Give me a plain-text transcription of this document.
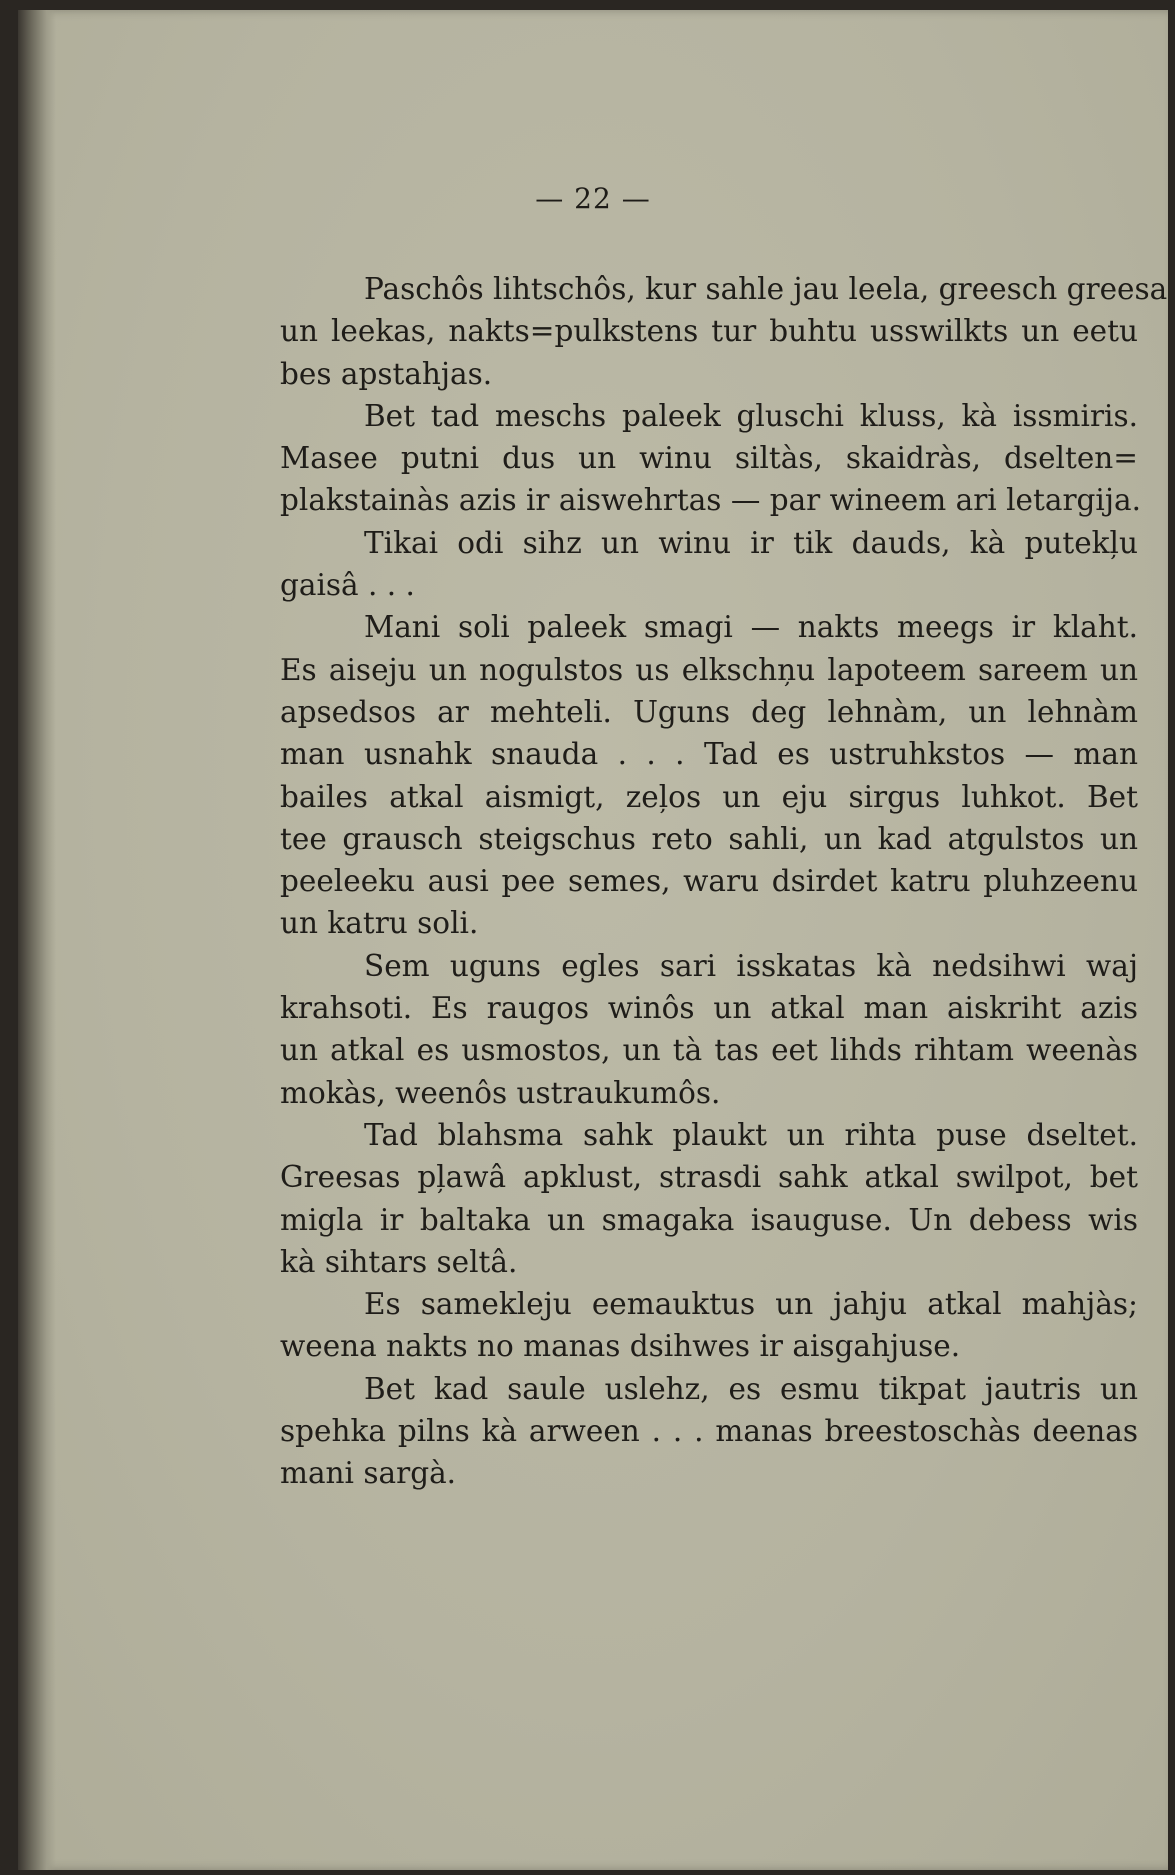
— 22 —

Paschôs lihtschôs, kur sahle jau leela, greesch greesa
un leekas, nakts=pulkstens tur buhtu usswilkts un eetu
bes apstahjas.

Bet tad meschs paleek gluschi kluss, kà issmiris.
Masee putni dus un winu siltàs, skaidràs, dselten=
plakstainàs azis ir aiswehrtas — par wineem ari letargija.

Tikai odi sihz un winu ir tik dauds, kà putekļu
gaisâ . . .

Mani soli paleek smagi — nakts meegs ir klaht.
Es aiseju un nogulstos us elkschņu lapoteem sareem un
apsedsos ar mehteli. Uguns deg lehnàm, un lehnàm
man usnahk snauda . . . Tad es ustruhkstos — man
bailes atkal aismigt, zeļos un eju sirgus luhkot. Bet
tee grausch steigschus reto sahli, un kad atgulstos un
peeleeku ausi pee semes, waru dsirdet katru pluhzeenu
un katru soli.

Sem uguns egles sari isskatas kà nedsihwi waj
krahsoti. Es raugos winôs un atkal man aiskriht azis
un atkal es usmostos, un tà tas eet lihds rihtam weenàs
mokàs, weenôs ustraukumôs.

Tad blahsma sahk plaukt un rihta puse dseltet.
Greesas pļawâ apklust, strasdi sahk atkal swilpot, bet
migla ir baltaka un smagaka isauguse. Un debess wis
kà sihtars seltâ.

Es samekleju eemauktus un jahju atkal mahjàs;
weena nakts no manas dsihwes ir aisgahjuse.

Bet kad saule uslehz, es esmu tikpat jautris un
spehka pilns kà arween . . . manas breestoschàs deenas
mani sargà.
